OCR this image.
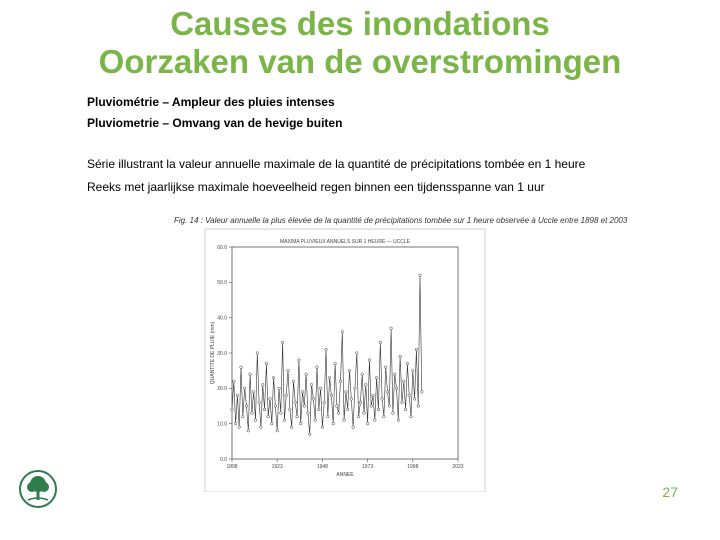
Causes des inondations
Oorzaken van de overstromingen

Pluviométrie – Ampleur des pluies intenses

Pluviometrie – Omvang van de hevige buiten

Série illustrant la valeur annuelle maximale de la quantité de précipitations tombée en 1 heure

Reeks met jaarlijkse maximale hoeveelheid regen binnen een tijdensspanne van 1 uur

Fig. 14 : Valeur annuelle la plus élevée de la quantité de précipitations tombée sur 1 heure observée à Uccle entre 1898 et 2003
MAXIMA PLUVIEUX ANNUELS SUR 1 HEURE — UCCLE
ANNEE
QUANTITE DE PLUIE (mm)
1898	1923	1948	1973	1998	2023
0.0
10.0
20.0
30.0
40.0
50.0
60.0
27
